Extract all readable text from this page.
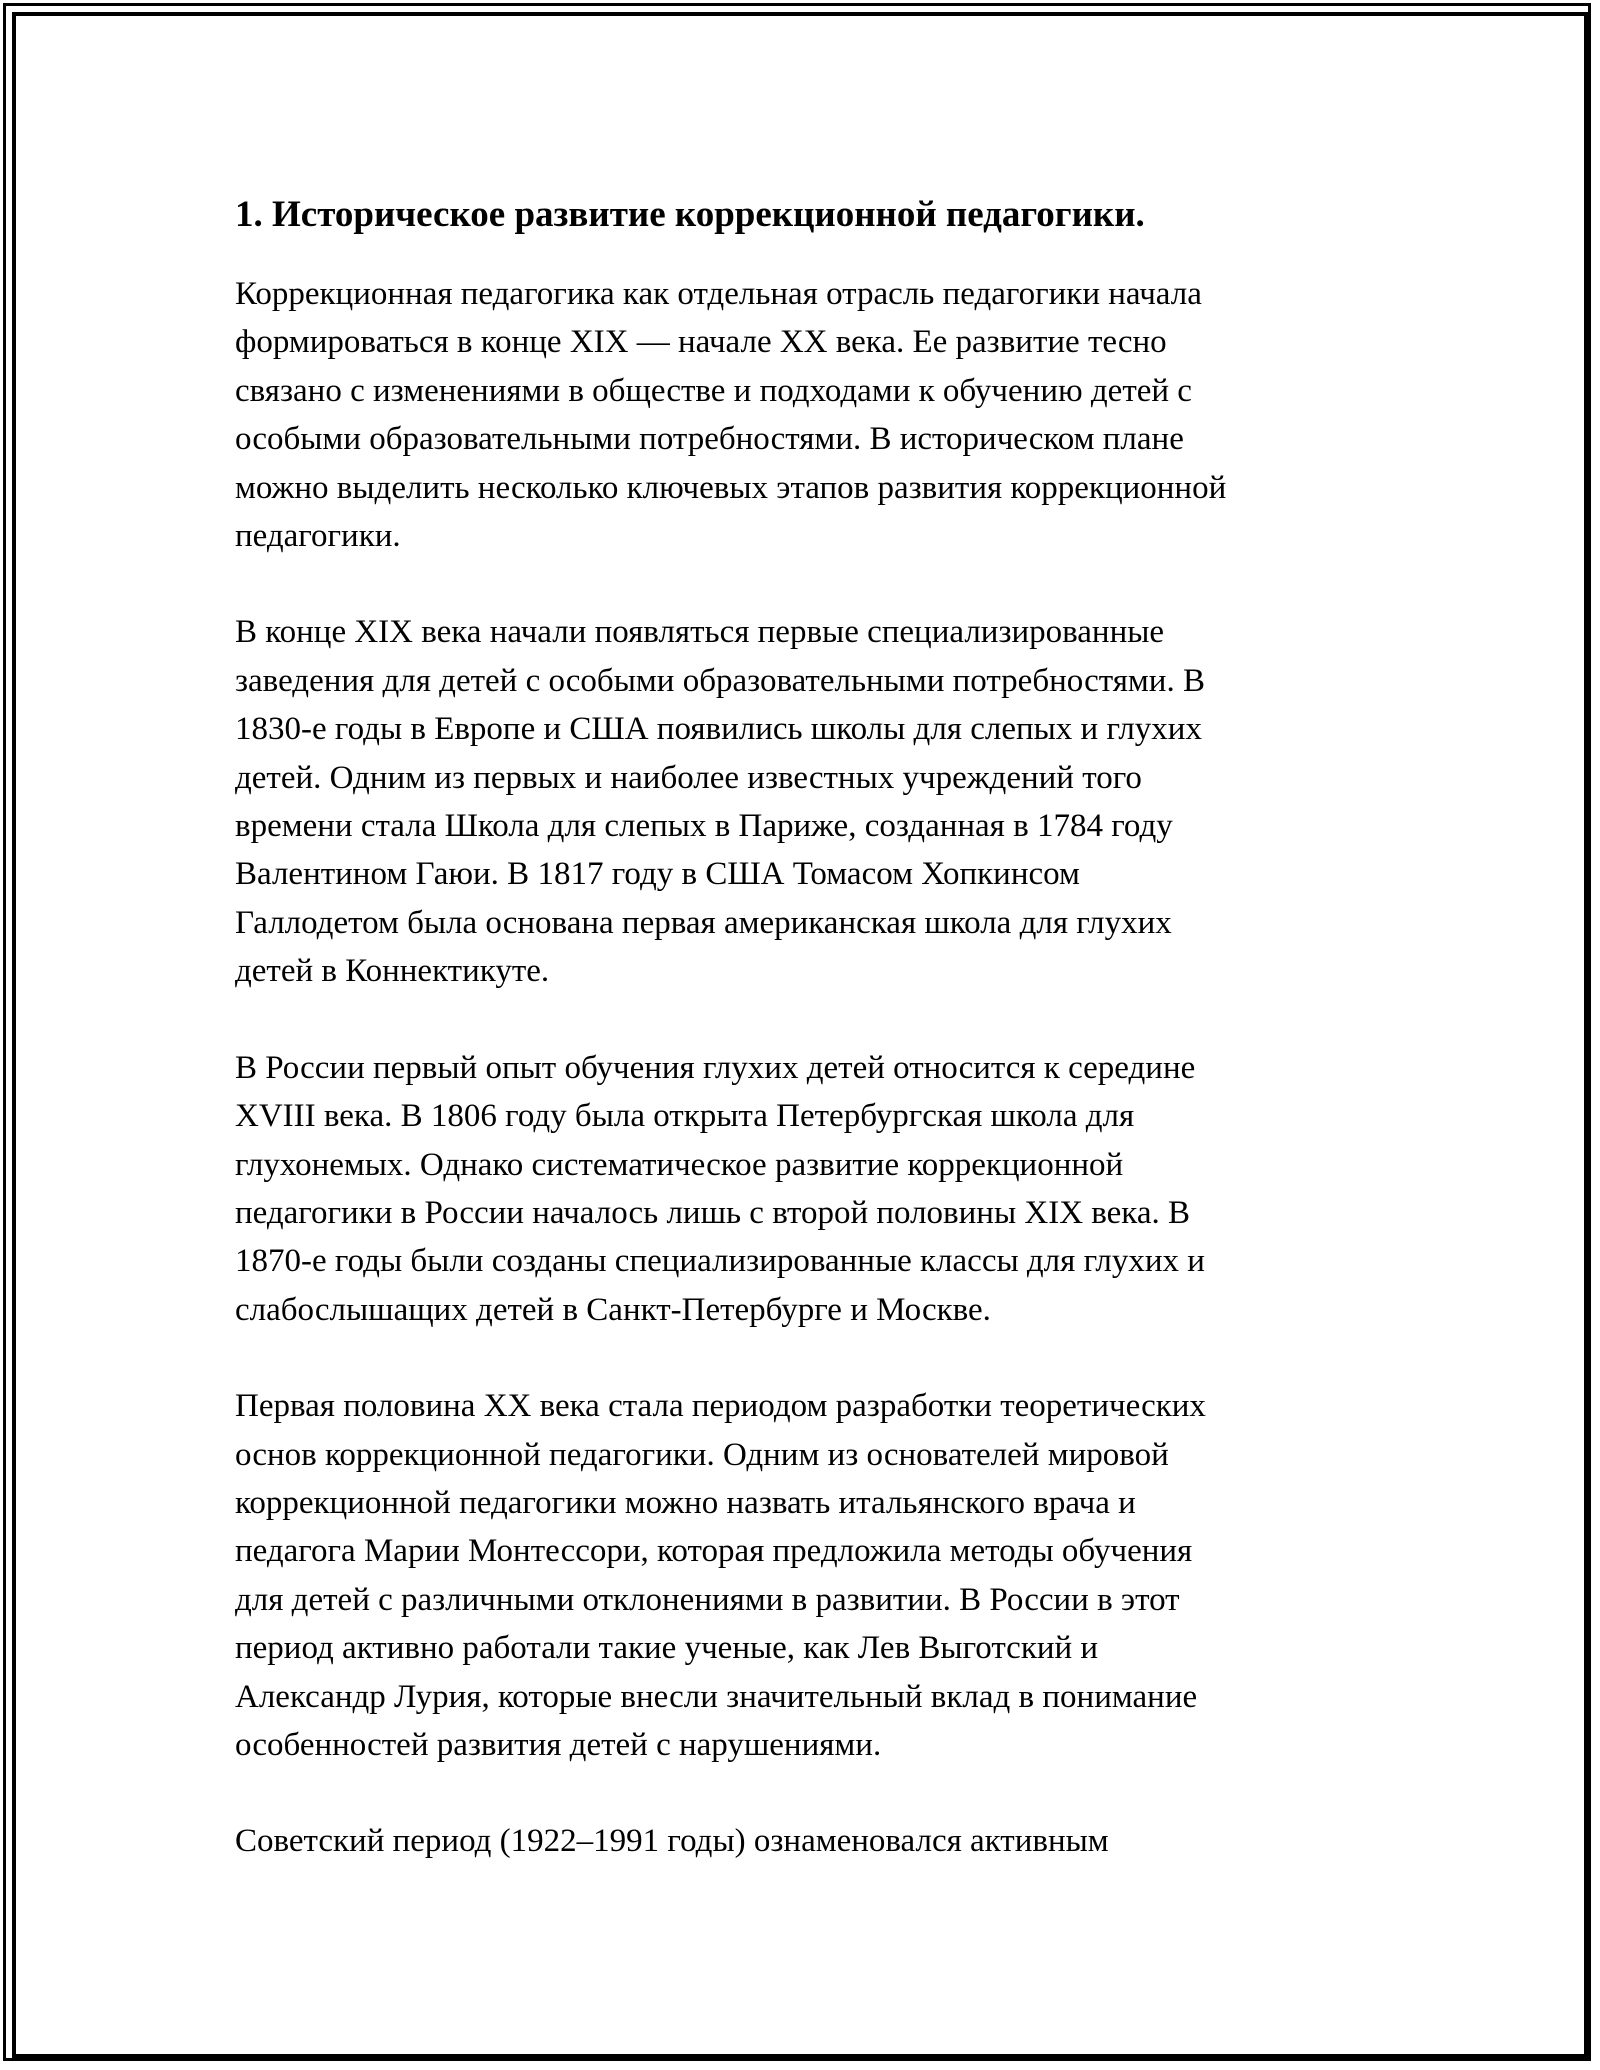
1. Историческое развитие коррекционной педагогики.

Коррекционная педагогика как отдельная отрасль педагогики начала
формироваться в конце XIX — начале XX века. Ее развитие тесно
связано с изменениями в обществе и подходами к обучению детей с
особыми образовательными потребностями. В историческом плане
можно выделить несколько ключевых этапов развития коррекционной
педагогики.

В конце XIX века начали появляться первые специализированные
заведения для детей с особыми образовательными потребностями. В
1830-е годы в Европе и США появились школы для слепых и глухих
детей. Одним из первых и наиболее известных учреждений того
времени стала Школа для слепых в Париже, созданная в 1784 году
Валентином Гаюи. В 1817 году в США Томасом Хопкинсом
Галлодетом была основана первая американская школа для глухих
детей в Коннектикуте.

В России первый опыт обучения глухих детей относится к середине
XVIII века. В 1806 году была открыта Петербургская школа для
глухонемых. Однако систематическое развитие коррекционной
педагогики в России началось лишь с второй половины XIX века. В
1870-е годы были созданы специализированные классы для глухих и
слабослышащих детей в Санкт-Петербурге и Москве.

Первая половина XX века стала периодом разработки теоретических
основ коррекционной педагогики. Одним из основателей мировой
коррекционной педагогики можно назвать итальянского врача и
педагога Марии Монтессори, которая предложила методы обучения
для детей с различными отклонениями в развитии. В России в этот
период активно работали такие ученые, как Лев Выготский и
Александр Лурия, которые внесли значительный вклад в понимание
особенностей развития детей с нарушениями.

Советский период (1922–1991 годы) ознаменовался активным
